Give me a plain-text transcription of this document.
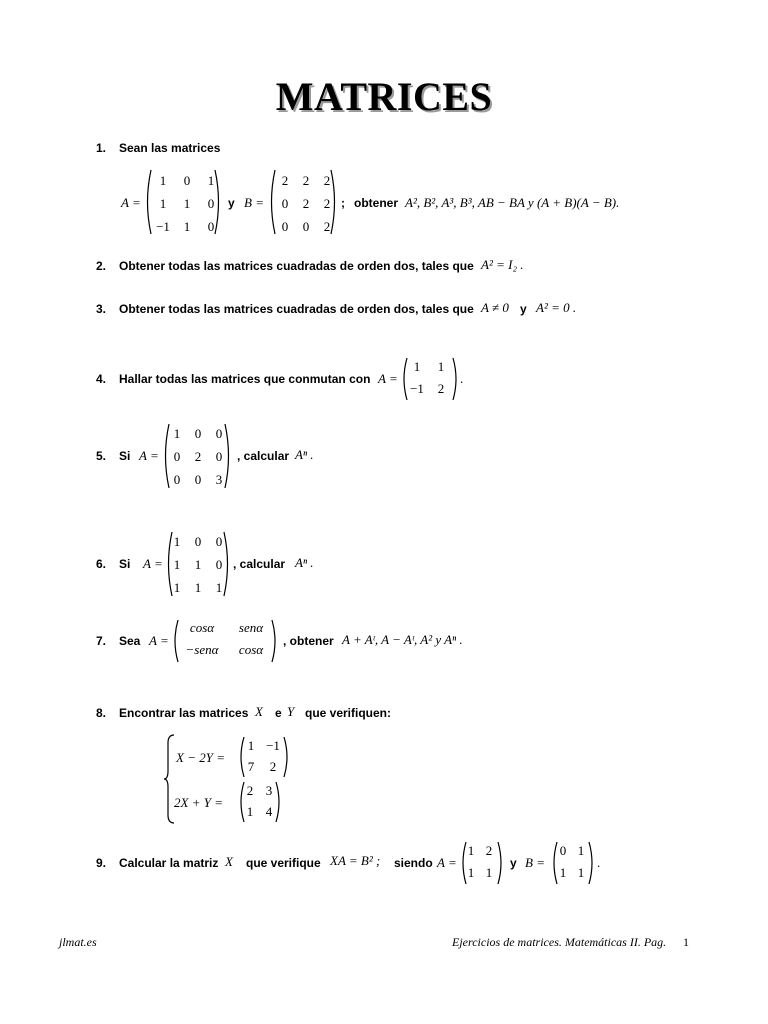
MATRICES
1. Sean las matrices
A =
1	0	1
1	1	0
−1	1	0
y B =
2	2	2
0	2	2
0	0	2
; obtener A², B², A³, B³, AB − BA y (A + B)(A − B).
2. Obtener todas las matrices cuadradas de orden dos, tales que A² = I₂ .
3. Obtener todas las matrices cuadradas de orden dos, tales que A ≠ 0 y A² = 0 .
4. Hallar todas las matrices que conmutan con A =
1	1
−1	2
.
5. Si A =
1	0	0
0	2	0
0	0	3
, calcular Aⁿ .
6. Si A =
1	0	0
1	1	0
1	1	1
, calcular Aⁿ .
7. Sea A =
cosα	senα
−senα	cosα
, obtener A + Aᵗ, A − Aᵗ, A² y Aⁿ .
8. Encontrar las matrices X e Y que verifiquen:
X − 2Y =
1 −1
7	2
2X + Y =
2 3
1 4
9. Calcular la matriz X que verifique XA = B² ; siendo A =
1 2
1 1
y B =
0 1
1 1
.
jlmat.es	Ejercicios de matrices. Matemáticas II. Pag. 1
